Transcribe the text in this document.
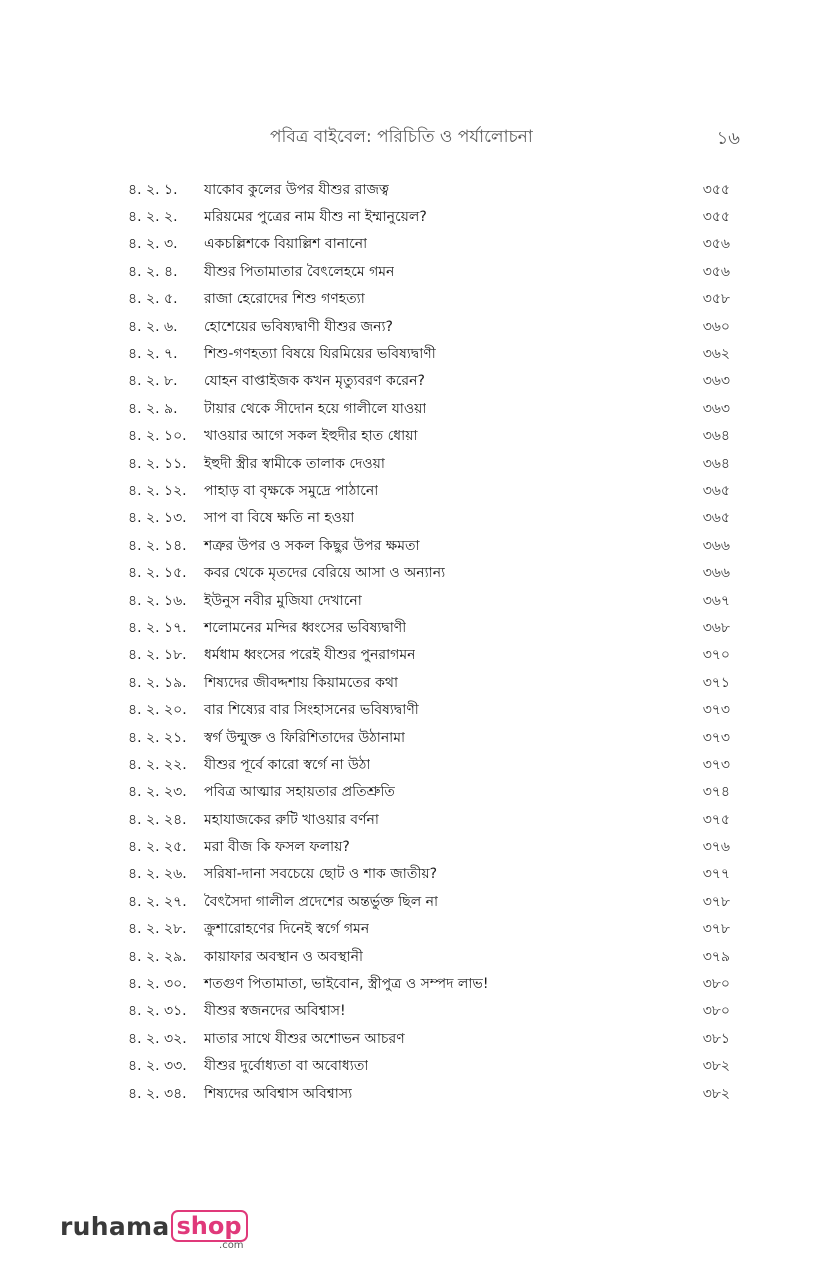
পবিত্র বাইবেল: পরিচিতি ও পর্যালোচনা	১৬
৪. ২. ১.	যাকোব কুলের উপর যীশুর রাজত্ব	৩৫৫
৪. ২. ২.	মরিয়মের পুত্রের নাম যীশু না ইম্মানুয়েল?	৩৫৫
৪. ২. ৩.	একচল্লিশকে বিয়াল্লিশ বানানো	৩৫৬
৪. ২. ৪.	যীশুর পিতামাতার বৈৎলেহমে গমন	৩৫৬
৪. ২. ৫.	রাজা হেরোদের শিশু গণহত্যা	৩৫৮
৪. ২. ৬.	হোশেয়ের ভবিষ্যদ্বাণী যীশুর জন্য?	৩৬০
৪. ২. ৭.	শিশু-গণহত্যা বিষয়ে যিরমিয়ের ভবিষ্যদ্বাণী	৩৬২
৪. ২. ৮.	যোহন বাপ্তাইজক কখন মৃত্যুবরণ করেন?	৩৬৩
৪. ২. ৯.	টায়ার থেকে সীদোন হয়ে গালীলে যাওয়া	৩৬৩
৪. ২. ১০.	খাওয়ার আগে সকল ইহুদীর হাত ধোয়া	৩৬৪
৪. ২. ১১.	ইহুদী স্ত্রীর স্বামীকে তালাক দেওয়া	৩৬৪
৪. ২. ১২.	পাহাড় বা বৃক্ষকে সমুদ্রে পাঠানো	৩৬৫
৪. ২. ১৩.	সাপ বা বিষে ক্ষতি না হওয়া	৩৬৫
৪. ২. ১৪.	শত্রুর উপর ও সকল কিছুর উপর ক্ষমতা	৩৬৬
৪. ২. ১৫.	কবর থেকে মৃতদের বেরিয়ে আসা ও অন্যান্য	৩৬৬
৪. ২. ১৬.	ইউনুস নবীর মুজিযা দেখানো	৩৬৭
৪. ২. ১৭.	শলোমনের মন্দির ধ্বংসের ভবিষ্যদ্বাণী	৩৬৮
৪. ২. ১৮.	ধর্মধাম ধ্বংসের পরেই যীশুর পুনরাগমন	৩৭০
৪. ২. ১৯.	শিষ্যদের জীবদ্দশায় কিয়ামতের কথা	৩৭১
৪. ২. ২০.	বার শিষ্যের বার সিংহাসনের ভবিষ্যদ্বাণী	৩৭৩
৪. ২. ২১.	স্বর্গ উন্মুক্ত ও ফিরিশিতাদের উঠানামা	৩৭৩
৪. ২. ২২.	যীশুর পূর্বে কারো স্বর্গে না উঠা	৩৭৩
৪. ২. ২৩.	পবিত্র আত্মার সহায়তার প্রতিশ্রুতি	৩৭৪
৪. ২. ২৪.	মহাযাজকের রুটি খাওয়ার বর্ণনা	৩৭৫
৪. ২. ২৫.	মরা বীজ কি ফসল ফলায়?	৩৭৬
৪. ২. ২৬.	সরিষা-দানা সবচেয়ে ছোট ও শাক জাতীয়?	৩৭৭
৪. ২. ২৭.	বৈৎসৈদা গালীল প্রদেশের অন্তর্ভুক্ত ছিল না	৩৭৮
৪. ২. ২৮.	ক্রুশারোহণের দিনেই স্বর্গে গমন	৩৭৮
৪. ২. ২৯.	কায়াফার অবস্থান ও অবস্থানী	৩৭৯
৪. ২. ৩০.	শতগুণ পিতামাতা, ভাইবোন, স্ত্রীপুত্র ও সম্পদ লাভ!	৩৮০
৪. ২. ৩১.	যীশুর স্বজনদের অবিশ্বাস!	৩৮০
৪. ২. ৩২.	মাতার সাথে যীশুর অশোভন আচরণ	৩৮১
৪. ২. ৩৩.	যীশুর দুর্বোধ্যতা বা অবোধ্যতা	৩৮২
৪. ২. ৩৪.	শিষ্যদের অবিশ্বাস অবিশ্বাস্য	৩৮২
ruhama shop
.com
